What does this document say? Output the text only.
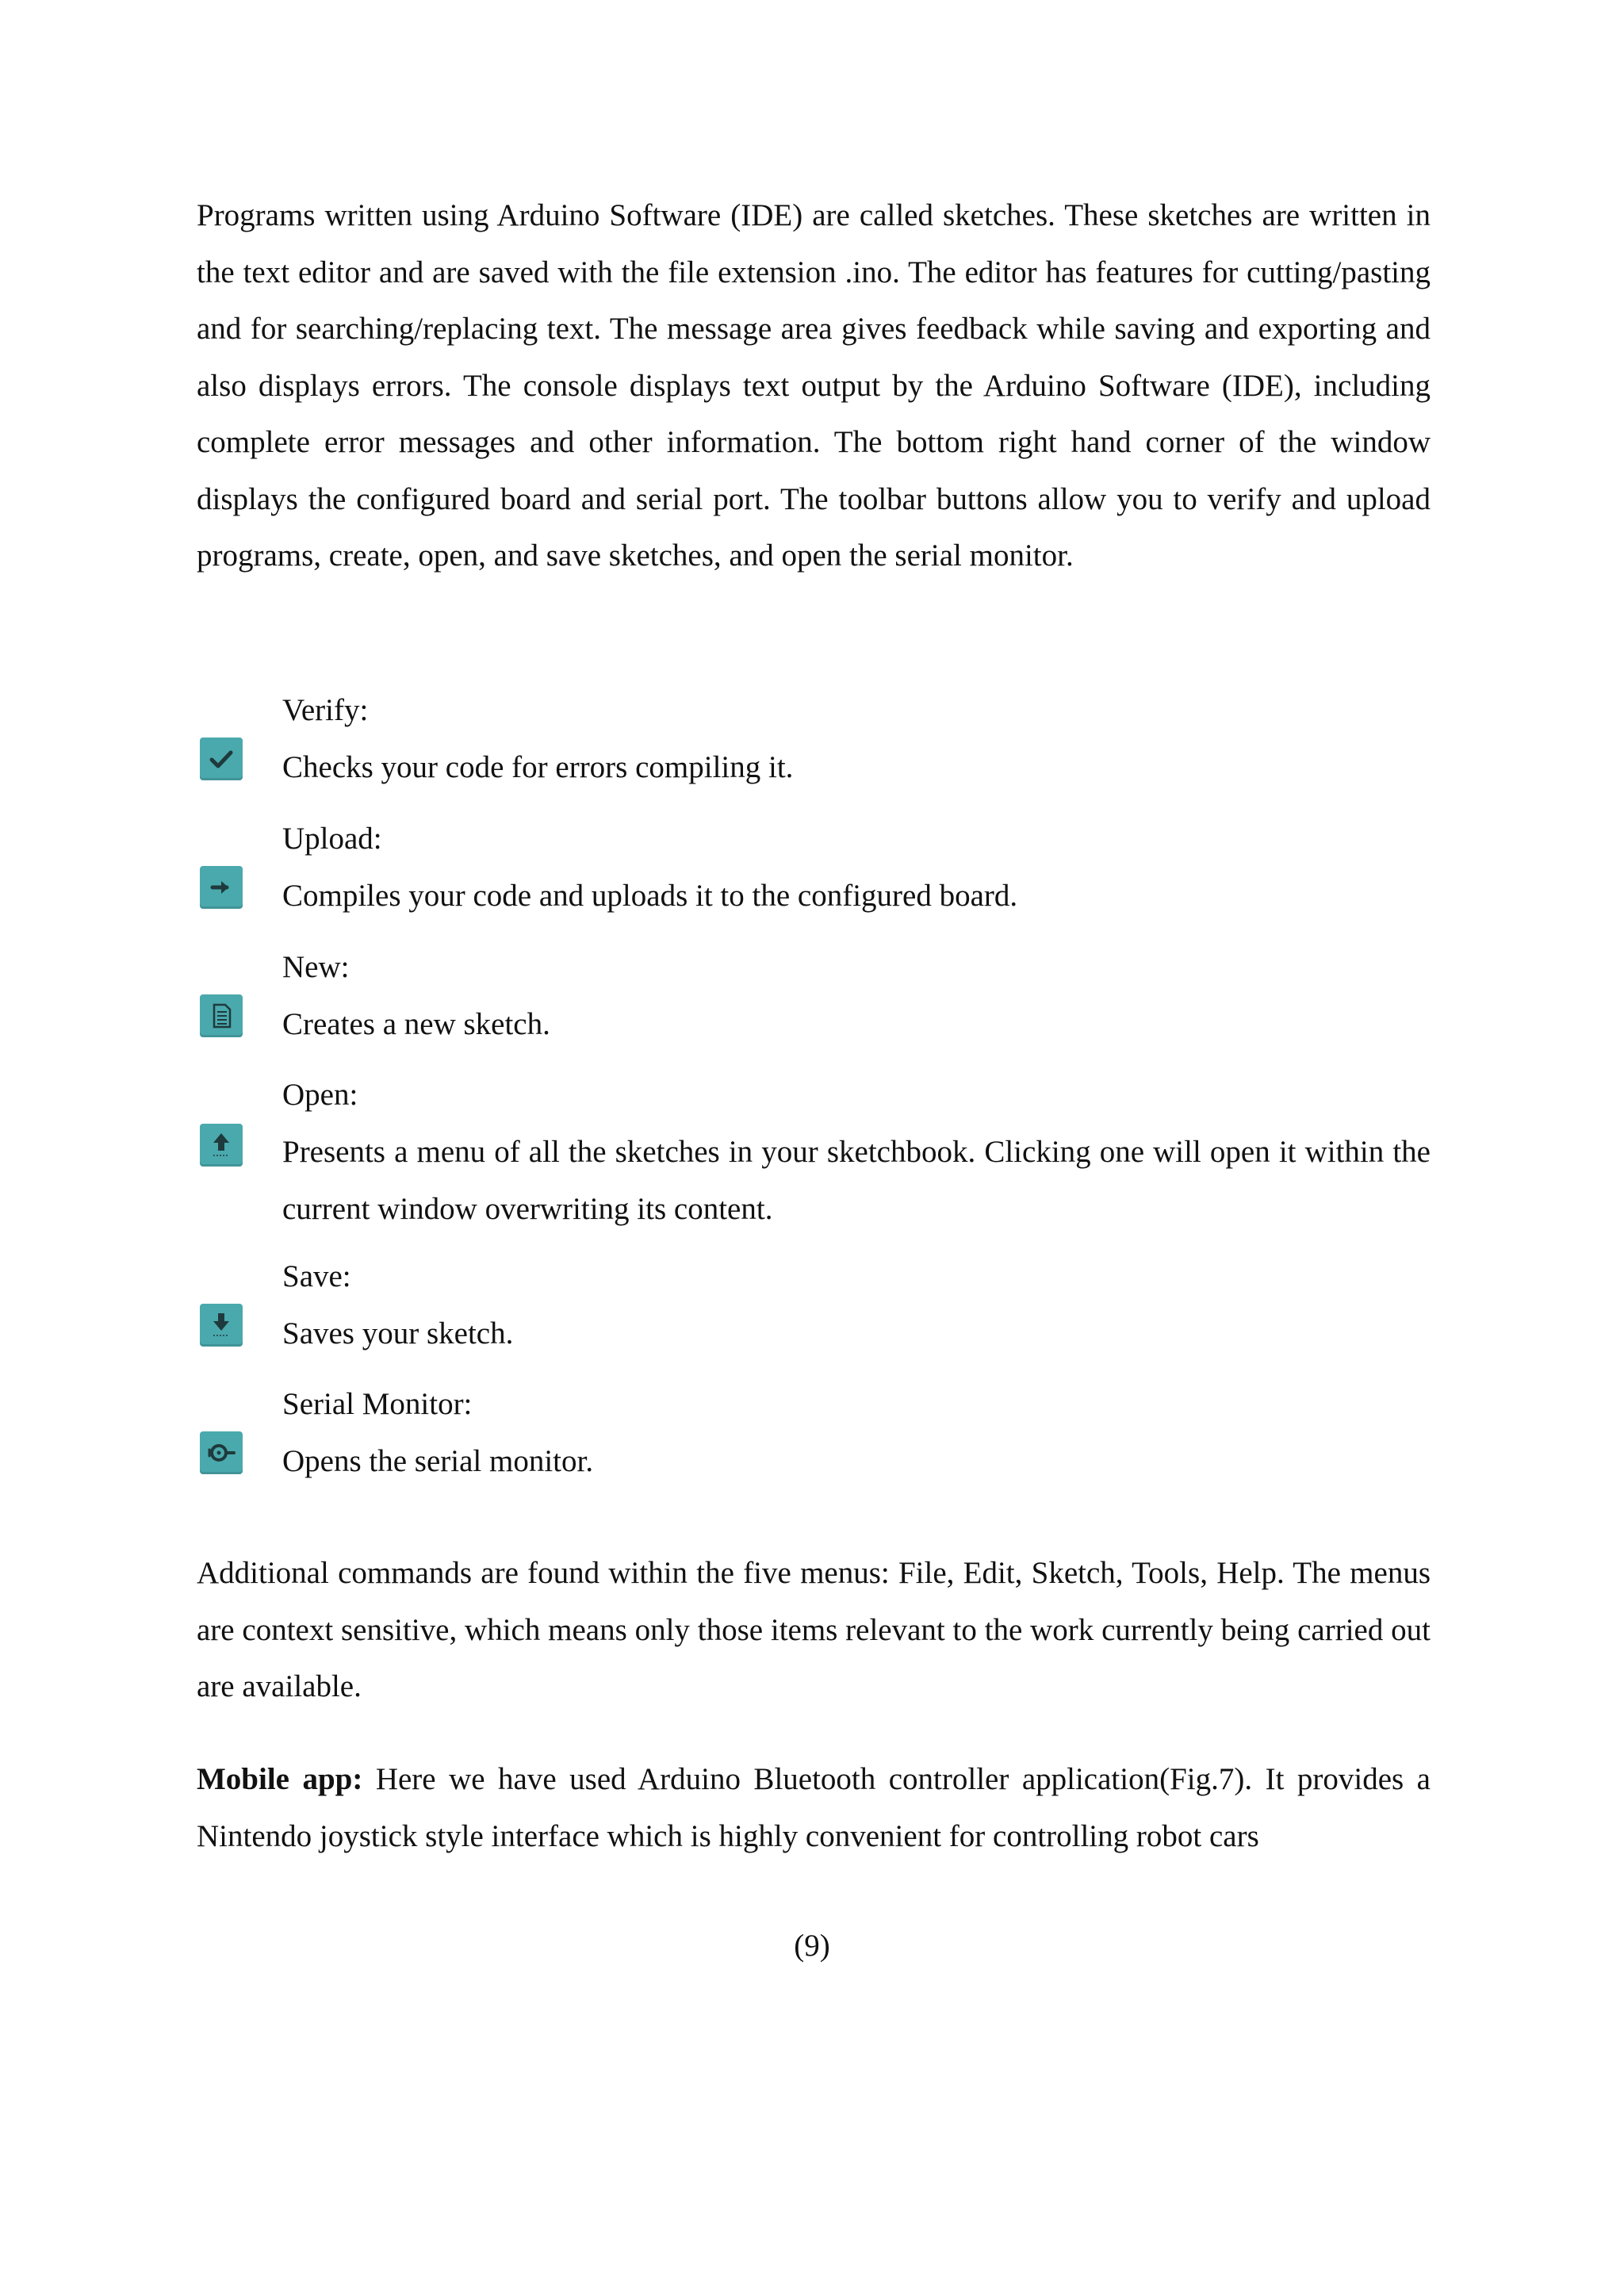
Programs written using Arduino Software (IDE) are called sketches. These sketches are written in the text editor and are saved with the file extension .ino. The editor has features for cutting/pasting and for searching/replacing text. The message area gives feedback while saving and exporting and also displays errors. The console displays text output by the Arduino Software (IDE), including complete error messages and other information. The bottom right hand corner of the window displays the configured board and serial port. The toolbar buttons allow you to verify and upload programs, create, open, and save sketches, and open the serial monitor.

Verify:

Checks your code for errors compiling it.

Upload:

Compiles your code and uploads it to the configured board.

New:

Creates a new sketch.

Open:

Presents a menu of all the sketches in your sketchbook. Clicking one will open it within the current window overwriting its content.

Save:

Saves your sketch.

Serial Monitor:

Opens the serial monitor.

Additional commands are found within the five menus: File, Edit, Sketch, Tools, Help. The menus are context sensitive, which means only those items relevant to the work currently being carried out are available.

Mobile app: Here we have used Arduino Bluetooth controller application(Fig.7). It provides a Nintendo joystick style interface which is highly convenient for controlling robot cars

(9)
